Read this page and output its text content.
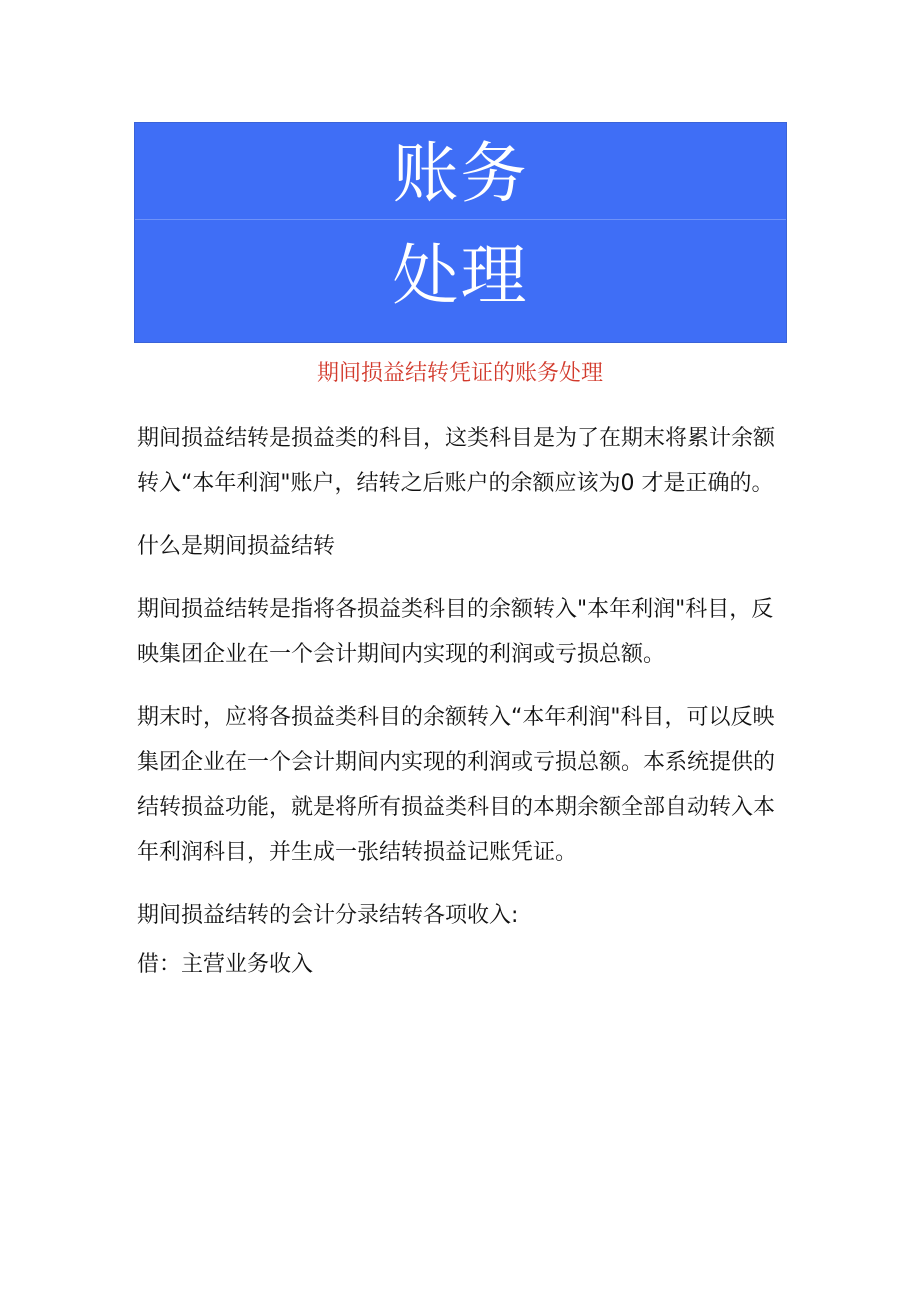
账务
处理
期间损益结转凭证的账务处理

期间损益结转是损益类的科目，这类科目是为了在期末将累计余额转入“本年利润"账户，结转之后账户的余额应该为0 才是正确的。

什么是期间损益结转

期间损益结转是指将各损益类科目的余额转入"本年利润"科目，反映集团企业在一个会计期间内实现的利润或亏损总额。

期末时，应将各损益类科目的余额转入“本年利润"科目，可以反映集团企业在一个会计期间内实现的利润或亏损总额。本系统提供的结转损益功能，就是将所有损益类科目的本期余额全部自动转入本年利润科目，并生成一张结转损益记账凭证。

期间损益结转的会计分录结转各项收入:

借：主营业务收入
